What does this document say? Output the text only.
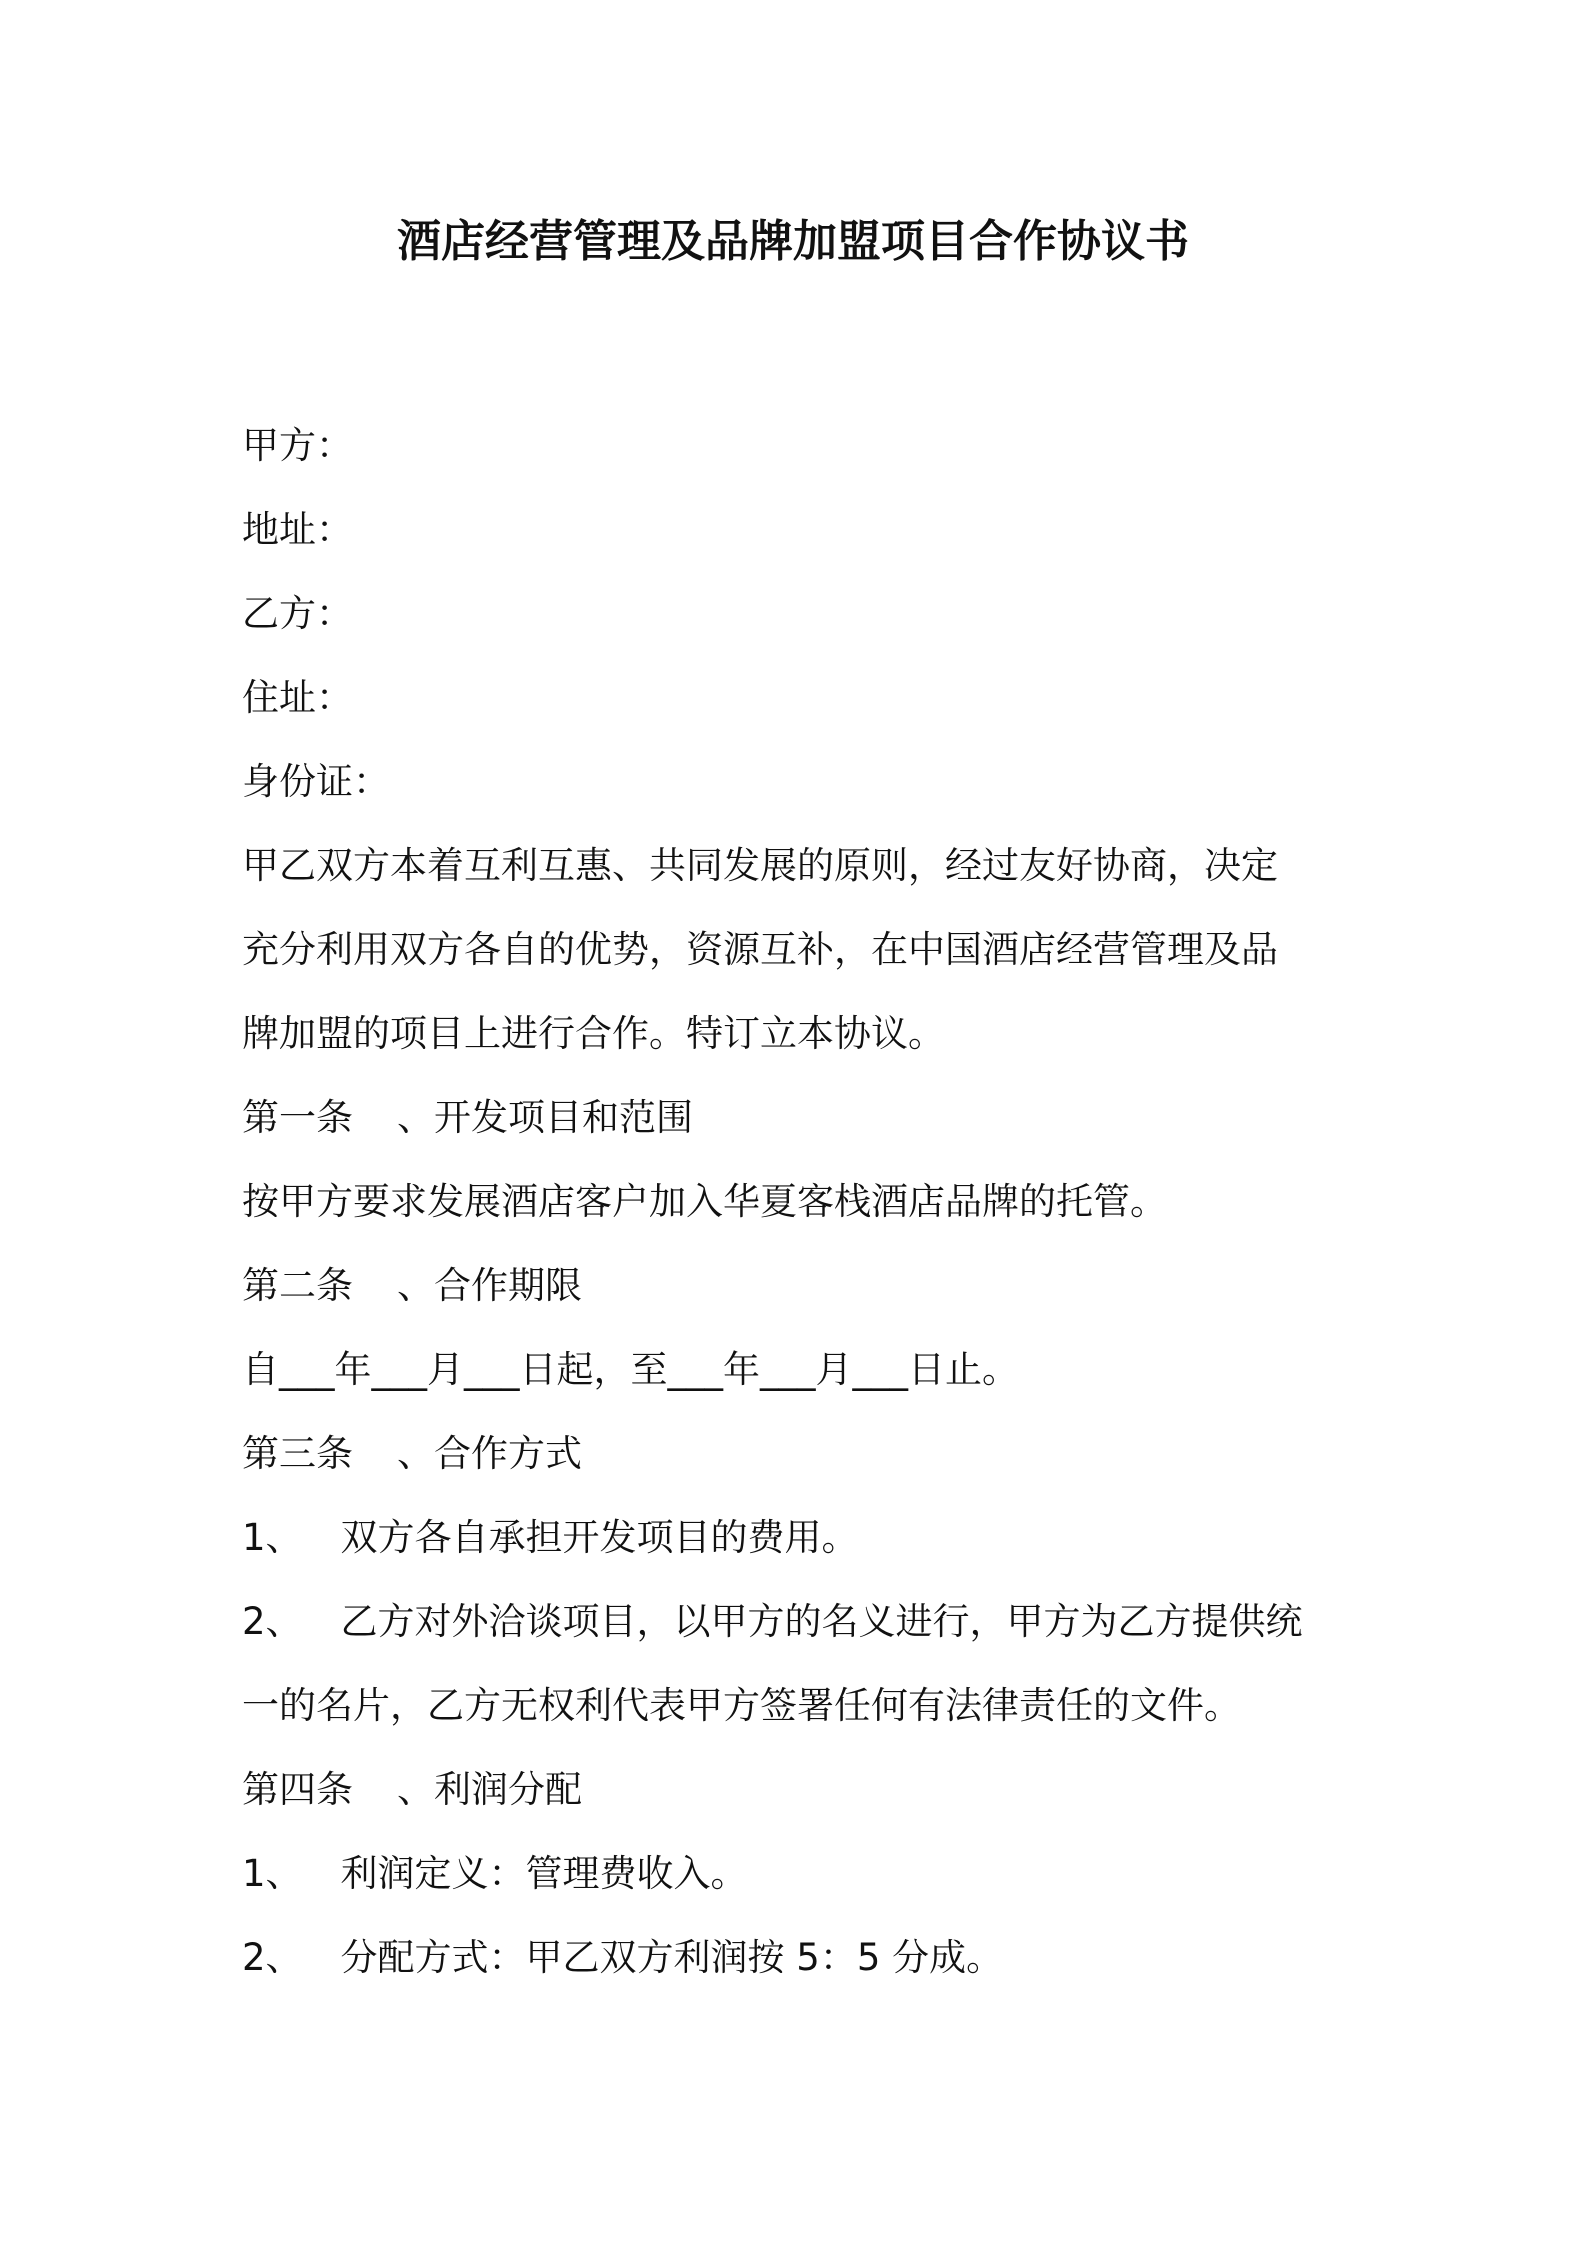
酒店经营管理及品牌加盟项目合作协议书

甲方：

地址：

乙方：

住址：

身份证：

甲乙双方本着互利互惠、共同发展的原则，经过友好协商，决定

充分利用双方各自的优势，资源互补，在中国酒店经营管理及品

牌加盟的项目上进行合作。特订立本协议。

第一条 、开发项目和范围

按甲方要求发展酒店客户加入华夏客栈酒店品牌的托管。

第二条 、合作期限

自___年___月___日起，至___年___月___日止。

第三条 、合作方式

1、 双方各自承担开发项目的费用。

2、 乙方对外洽谈项目，以甲方的名义进行，甲方为乙方提供统

一的名片，乙方无权利代表甲方签署任何有法律责任的文件。

第四条 、利润分配

1、 利润定义：管理费收入。

2、 分配方式：甲乙双方利润按 5：5 分成。
